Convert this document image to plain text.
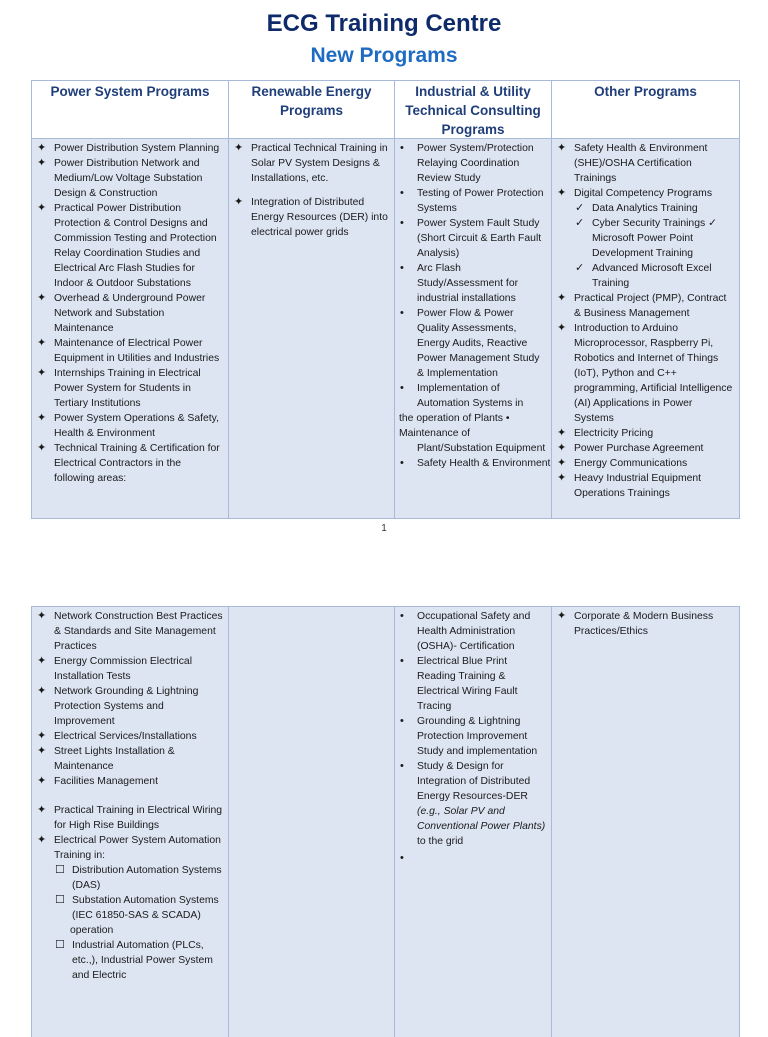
ECG Training Centre
New Programs
Power System Programs	Renewable Energy Programs
Industrial & Utility Technical Consulting Programs
Other Programs
✦ Power Distribution System Planning
✦ Power Distribution Network and Medium/Low Voltage Substation Design & Construction
✦ Practical Power Distribution Protection & Control Designs and Commission Testing and Protection Relay Coordination Studies and Electrical Arc Flash Studies for Indoor & Outdoor Substations
✦ Overhead & Underground Power Network and Substation Maintenance
✦ Maintenance of Electrical Power Equipment in Utilities and Industries
✦ Internships Training in Electrical Power System for Students in Tertiary Institutions
✦ Power System Operations & Safety, Health & Environment
✦ Technical Training & Certification for Electrical Contractors in the following areas:
✦ Practical Technical Training in Solar PV System Designs & Installations, etc.
✦ Integration of Distributed Energy Resources (DER) into electrical power grids
• Power System/Protection Relaying Coordination Review Study
• Testing of Power Protection Systems
• Power System Fault Study (Short Circuit & Earth Fault Analysis)
• Arc Flash Study/Assessment for industrial installations
• Power Flow & Power Quality Assessments, Energy Audits, Reactive Power Management Study & Implementation
• Implementation of Automation Systems in
the operation of Plants •
Maintenance of
Plant/Substation Equipment
• Safety Health & Environment
✦ Safety Health & Environment (SHE)/OSHA Certification Trainings
✦ Digital Competency Programs
✓ Data Analytics Training
✓ Cyber Security Trainings ✓ Microsoft Power Point Development Training
✓ Advanced Microsoft Excel Training
✦ Practical Project (PMP), Contract & Business Management
✦ Introduction to Arduino Microprocessor, Raspberry Pi, Robotics and Internet of Things (IoT), Python and C++ programming, Artificial Intelligence (AI) Applications in Power Systems
✦ Electricity Pricing
✦ Power Purchase Agreement
✦ Energy Communications
✦ Heavy Industrial Equipment Operations Trainings
1
✦ Network Construction Best Practices & Standards and Site Management Practices
✦ Energy Commission Electrical Installation Tests
✦ Network Grounding & Lightning Protection Systems and Improvement
✦ Electrical Services/Installations
✦ Street Lights Installation & Maintenance
✦ Facilities Management
✦ Practical Training in Electrical Wiring for High Rise Buildings
✦ Electrical Power System Automation Training in:
☐ Distribution Automation Systems (DAS)
☐ Substation Automation Systems (IEC 61850-SAS & SCADA)
operation
☐ Industrial Automation (PLCs, etc.,), Industrial Power System and Electric
• Occupational Safety and Health Administration (OSHA)- Certification
• Electrical Blue Print Reading Training & Electrical Wiring Fault Tracing
• Grounding & Lightning Protection Improvement Study and implementation
• Study & Design for Integration of Distributed Energy Resources-DER (e.g., Solar PV and Conventional Power Plants) to the grid
•

✦ Corporate & Modern Business Practices/Ethics
